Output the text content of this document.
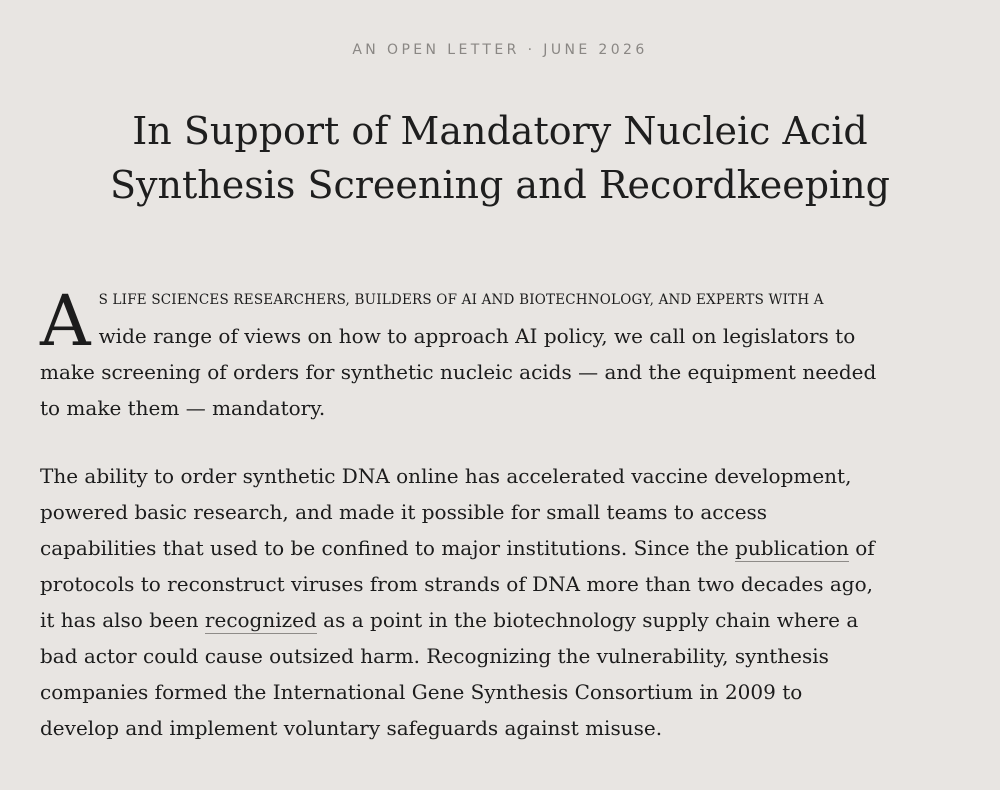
AN OPEN LETTER · JUNE 2026
In Support of Mandatory Nucleic Acid Synthesis Screening and Recordkeeping
A S LIFE SCIENCES RESEARCHERS, BUILDERS OF AI AND BIOTECHNOLOGY, AND EXPERTS WITH A
wide range of views on how to approach AI policy, we call on legislators to
make screening of orders for synthetic nucleic acids — and the equipment needed
to make them — mandatory.
The ability to order synthetic DNA online has accelerated vaccine development,
powered basic research, and made it possible for small teams to access
capabilities that used to be confined to major institutions. Since the publication of
protocols to reconstruct viruses from strands of DNA more than two decades ago,
it has also been recognized as a point in the biotechnology supply chain where a
bad actor could cause outsized harm. Recognizing the vulnerability, synthesis
companies formed the International Gene Synthesis Consortium in 2009 to
develop and implement voluntary safeguards against misuse.
